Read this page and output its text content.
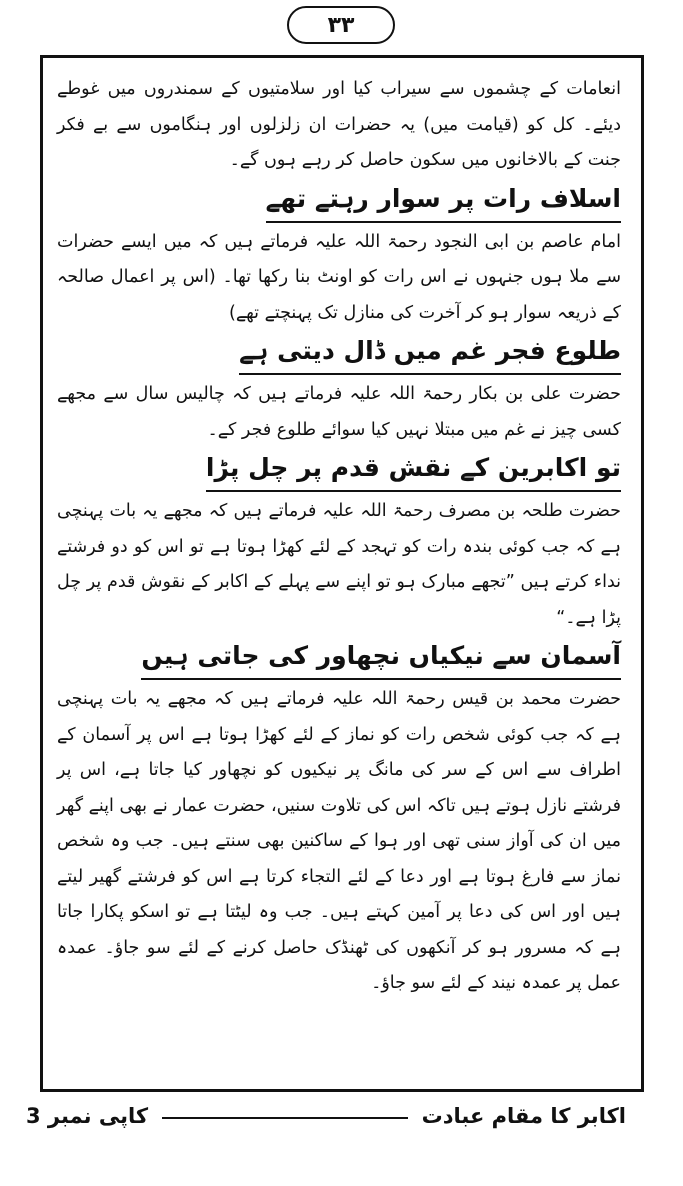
۳۳

انعامات کے چشموں سے سیراب کیا اور سلامتیوں کے سمندروں میں غوطے دیئے۔ کل کو (قیامت میں) یہ حضرات ان زلزلوں اور ہنگاموں سے بے فکر جنت کے بالاخانوں میں سکون حاصل کر رہے ہوں گے۔

اسلاف رات پر سوار رہتے تھے

امام عاصم بن ابی النجود رحمۃ اللہ علیہ فرماتے ہیں کہ میں ایسے حضرات سے ملا ہوں جنہوں نے اس رات کو اونٹ بنا رکھا تھا۔ (اس پر اعمال صالحہ کے ذریعہ سوار ہو کر آخرت کی منازل تک پہنچتے تھے)

طلوع فجر غم میں ڈال دیتی ہے

حضرت علی بن بکار رحمۃ اللہ علیہ فرماتے ہیں کہ چالیس سال سے مجھے کسی چیز نے غم میں مبتلا نہیں کیا سوائے طلوع فجر کے۔

تو اکابرین کے نقش قدم پر چل پڑا

حضرت طلحہ بن مصرف رحمۃ اللہ علیہ فرماتے ہیں کہ مجھے یہ بات پہنچی ہے کہ جب کوئی بندہ رات کو تہجد کے لئے کھڑا ہوتا ہے تو اس کو دو فرشتے نداء کرتے ہیں ”تجھے مبارک ہو تو اپنے سے پہلے کے اکابر کے نقوش قدم پر چل پڑا ہے۔“

آسمان سے نیکیاں نچھاور کی جاتی ہیں

حضرت محمد بن قیس رحمۃ اللہ علیہ فرماتے ہیں کہ مجھے یہ بات پہنچی ہے کہ جب کوئی شخص رات کو نماز کے لئے کھڑا ہوتا ہے اس پر آسمان کے اطراف سے اس کے سر کی مانگ پر نیکیوں کو نچھاور کیا جاتا ہے، اس پر فرشتے نازل ہوتے ہیں تاکہ اس کی تلاوت سنیں، حضرت عمار نے بھی اپنے گھر میں ان کی آواز سنی تھی اور ہوا کے ساکنین بھی سنتے ہیں۔ جب وہ شخص نماز سے فارغ ہوتا ہے اور دعا کے لئے التجاء کرتا ہے اس کو فرشتے گھیر لیتے ہیں اور اس کی دعا پر آمین کہتے ہیں۔ جب وہ لیٹتا ہے تو اسکو پکارا جاتا ہے کہ مسرور ہو کر آنکھوں کی ٹھنڈک حاصل کرنے کے لئے سو جاؤ۔ عمدہ عمل پر عمدہ نیند کے لئے سو جاؤ۔

اکابر کا مقام عبادت
کاپی نمبر 3
